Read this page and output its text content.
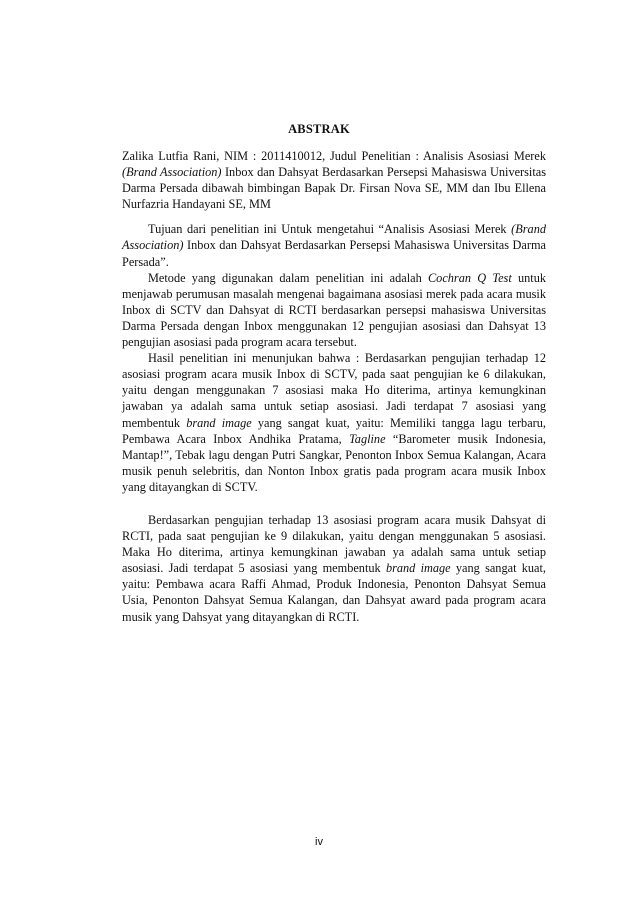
ABSTRAK

Zalika Lutfia Rani, NIM : 2011410012, Judul Penelitian : Analisis Asosiasi Merek (Brand Association) Inbox dan Dahsyat Berdasarkan Persepsi Mahasiswa Universitas Darma Persada dibawah bimbingan Bapak Dr. Firsan Nova SE, MM dan Ibu Ellena Nurfazria Handayani SE, MM

Tujuan dari penelitian ini Untuk mengetahui “Analisis Asosiasi Merek (Brand Association) Inbox dan Dahsyat Berdasarkan Persepsi Mahasiswa Universitas Darma Persada”.

Metode yang digunakan dalam penelitian ini adalah Cochran Q Test untuk menjawab perumusan masalah mengenai bagaimana asosiasi merek pada acara musik Inbox di SCTV dan Dahsyat di RCTI berdasarkan persepsi mahasiswa Universitas Darma Persada dengan Inbox menggunakan 12 pengujian asosiasi dan Dahsyat 13 pengujian asosiasi pada program acara tersebut.

Hasil penelitian ini menunjukan bahwa : Berdasarkan pengujian terhadap 12 asosiasi program acara musik Inbox di SCTV, pada saat pengujian ke 6 dilakukan, yaitu dengan menggunakan 7 asosiasi maka Ho diterima, artinya kemungkinan jawaban ya adalah sama untuk setiap asosiasi. Jadi terdapat 7 asosiasi yang membentuk brand image yang sangat kuat, yaitu: Memiliki tangga lagu terbaru, Pembawa Acara Inbox Andhika Pratama, Tagline “Barometer musik Indonesia, Mantap!”, Tebak lagu dengan Putri Sangkar, Penonton Inbox Semua Kalangan, Acara musik penuh selebritis, dan Nonton Inbox gratis pada program acara musik Inbox yang ditayangkan di SCTV.

Berdasarkan pengujian terhadap 13 asosiasi program acara musik Dahsyat di RCTI, pada saat pengujian ke 9 dilakukan, yaitu dengan menggunakan 5 asosiasi. Maka Ho diterima, artinya kemungkinan jawaban ya adalah sama untuk setiap asosiasi. Jadi terdapat 5 asosiasi yang membentuk brand image yang sangat kuat, yaitu: Pembawa acara Raffi Ahmad, Produk Indonesia, Penonton Dahsyat Semua Usia, Penonton Dahsyat Semua Kalangan, dan Dahsyat award pada program acara musik yang Dahsyat yang ditayangkan di RCTI.

iv
